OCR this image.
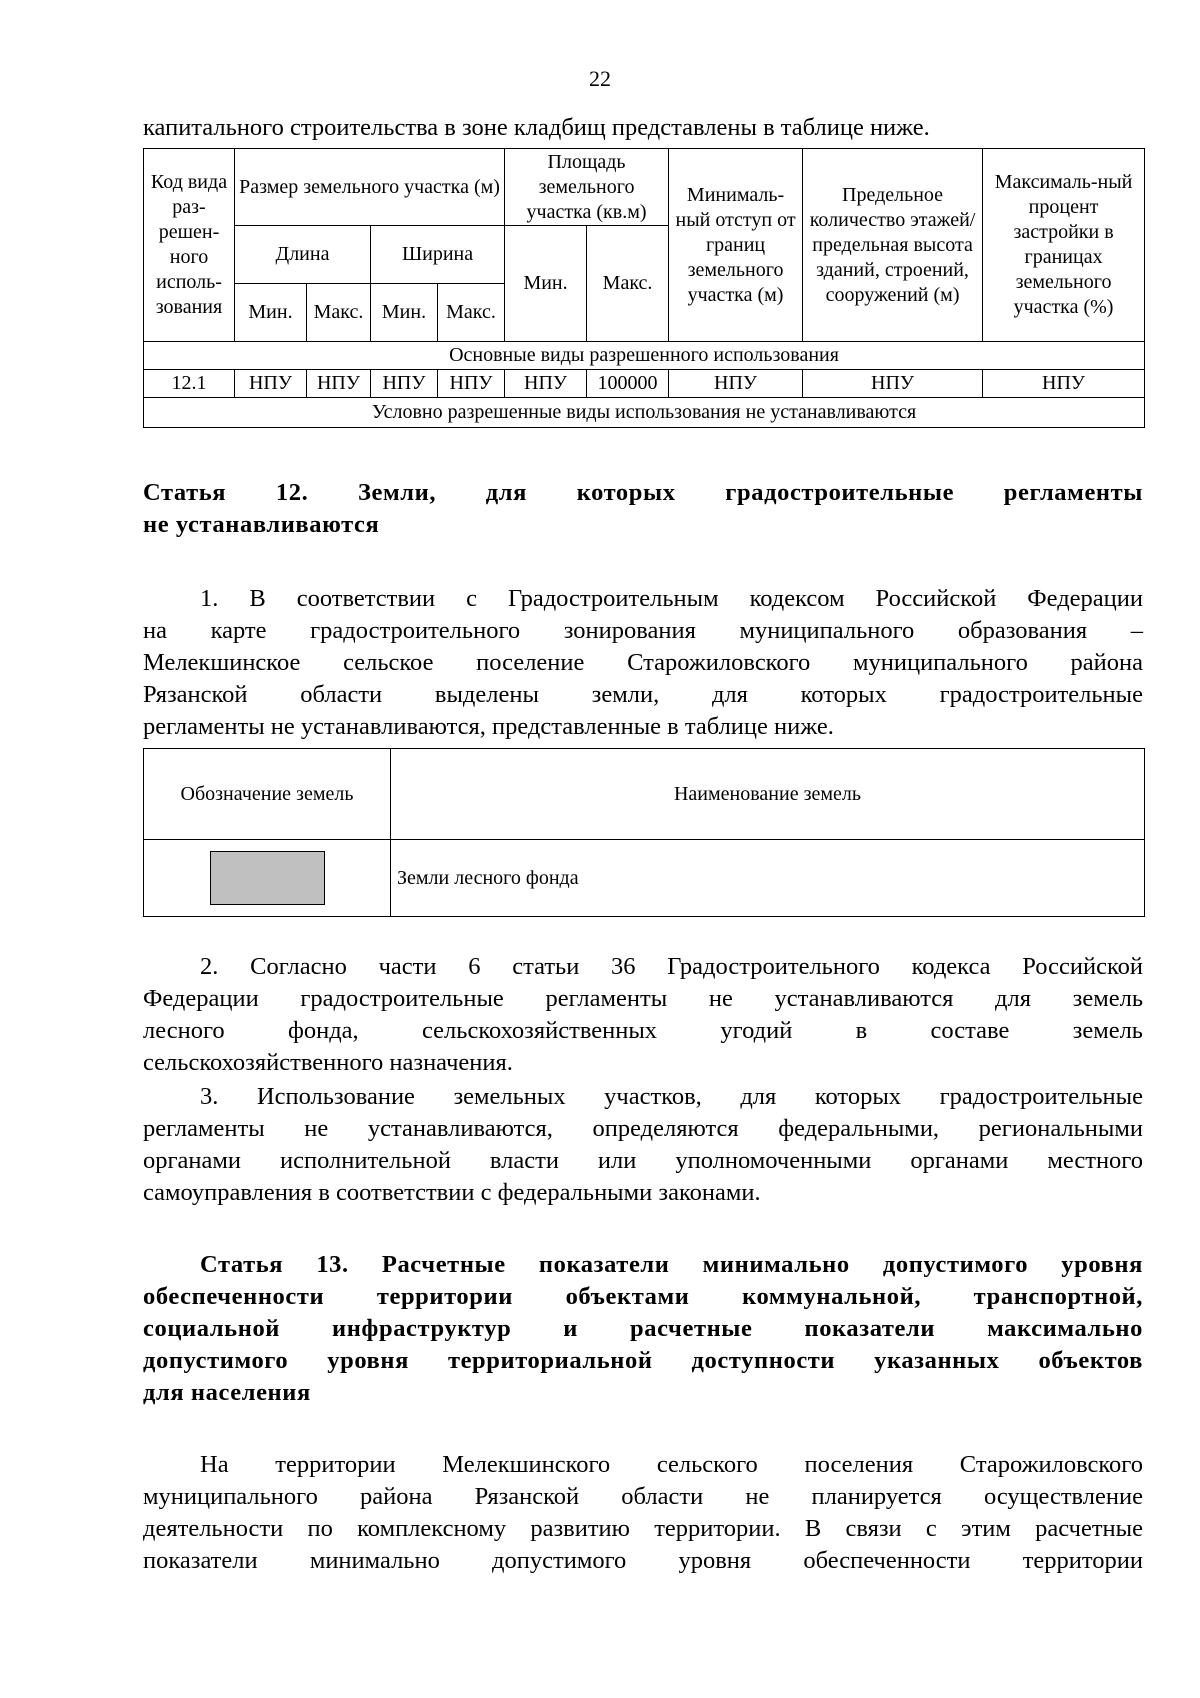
22
капитального строительства в зоне кладбищ представлены в таблице ниже.
Код вида раз-решен-ного исполь-зования	Размер земельного участка (м)				Площадь земельного участка (кв.м)		Минималь-ный отступ от границ земельного участка (м)	Предельное количество этажей/ предельная высота зданий, строений, сооружений (м)	Максималь-ный процент застройки в границах земельного участка (%)
	Длина		Ширина		Мин.	Макс.			
	Мин.	Макс.	Мин.	Макс.					
Основные виды разрешенного использования									
12.1	НПУ	НПУ	НПУ	НПУ	НПУ	100000	НПУ	НПУ	НПУ
Условно разрешенные виды использования не устанавливаются									
Статья 12. Земли, для которых градостроительные регламенты
не устанавливаются
1. В соответствии с Градостроительным кодексом Российской Федерации
на карте градостроительного зонирования муниципального образования –
Мелекшинское сельское поселение Старожиловского муниципального района
Рязанской области выделены земли, для которых градостроительные
регламенты не устанавливаются, представленные в таблице ниже.
Обозначение земель	Наименование земель

	Земли лесного фонда
2. Согласно части 6 статьи 36 Градостроительного кодекса Российской
Федерации градостроительные регламенты не устанавливаются для земель
лесного фонда, сельскохозяйственных угодий в составе земель
сельскохозяйственного назначения.
3. Использование земельных участков, для которых градостроительные
регламенты не устанавливаются, определяются федеральными, региональными
органами исполнительной власти или уполномоченными органами местного
самоуправления в соответствии с федеральными законами.
Статья 13. Расчетные показатели минимально допустимого уровня
обеспеченности территории объектами коммунальной, транспортной,
социальной инфраструктур и расчетные показатели максимально
допустимого уровня территориальной доступности указанных объектов
для населения
На территории Мелекшинского сельского поселения Старожиловского
муниципального района Рязанской области не планируется осуществление
деятельности по комплексному развитию территории. В связи с этим расчетные
показатели минимально допустимого уровня обеспеченности территории
